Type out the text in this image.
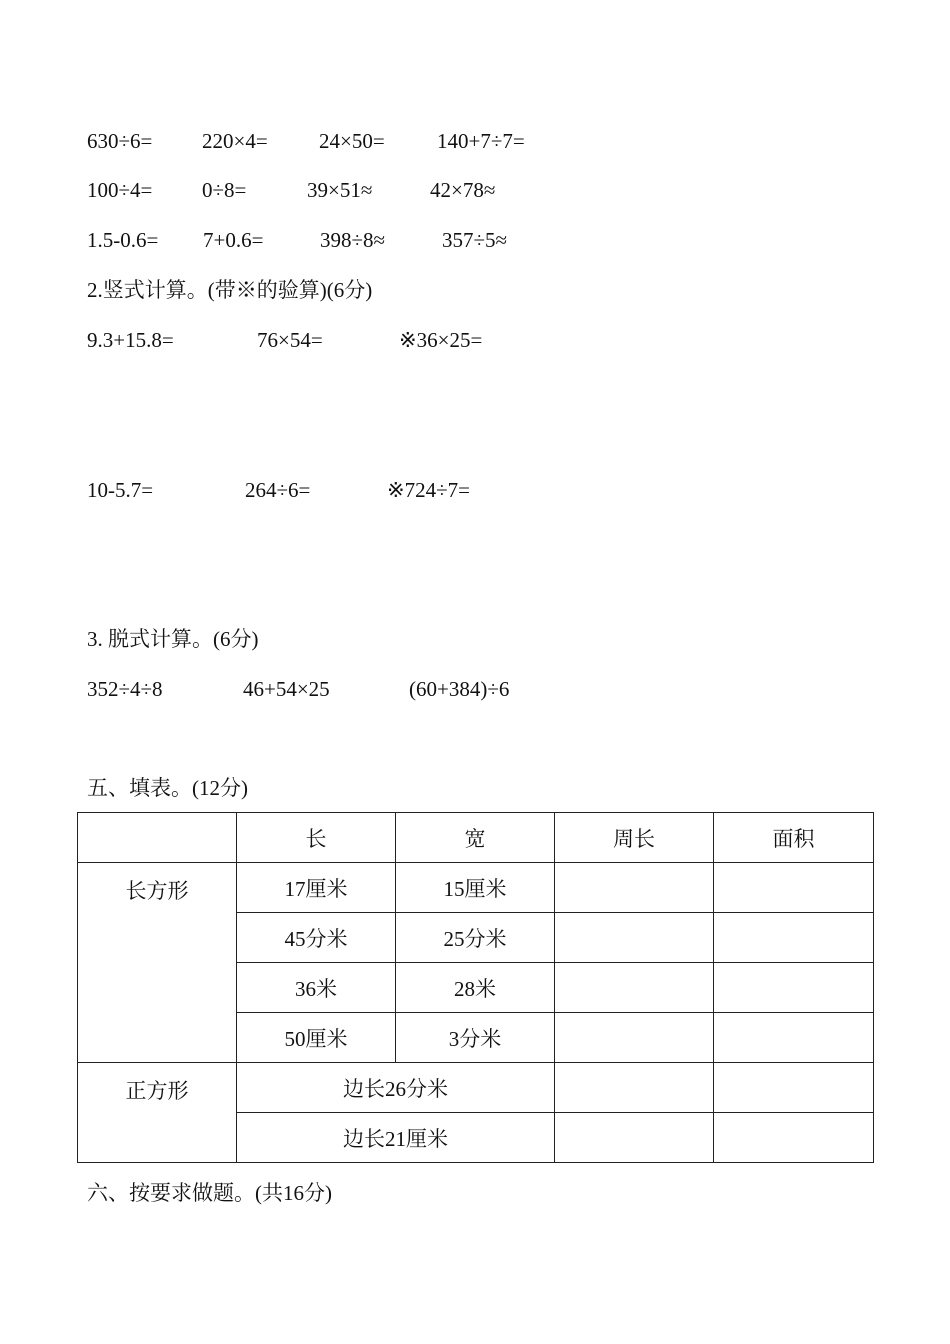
630÷6= 220×4= 24×50= 140+7÷7=
100÷4= 0÷8=	39×51≈	42×78≈
1.5-0.6= 7+0.6=	398÷8≈	357÷5≈
2.竖式计算。(带※的验算)(6分)
9.3+15.8=	76×54=	※36×25=
10-5.7=	264÷6=	※724÷7=
3. 脱式计算。(6分)
352÷4÷8	46+54×25	(60+384)÷6
五、填表。(12分)
	长	宽	周长	面积
长方形	17厘米	15厘米		
	45分米	25分米		
	36米	28米		
	50厘米	3分米		
正方形	边长26分米			
	边长21厘米			
六、按要求做题。(共16分)
